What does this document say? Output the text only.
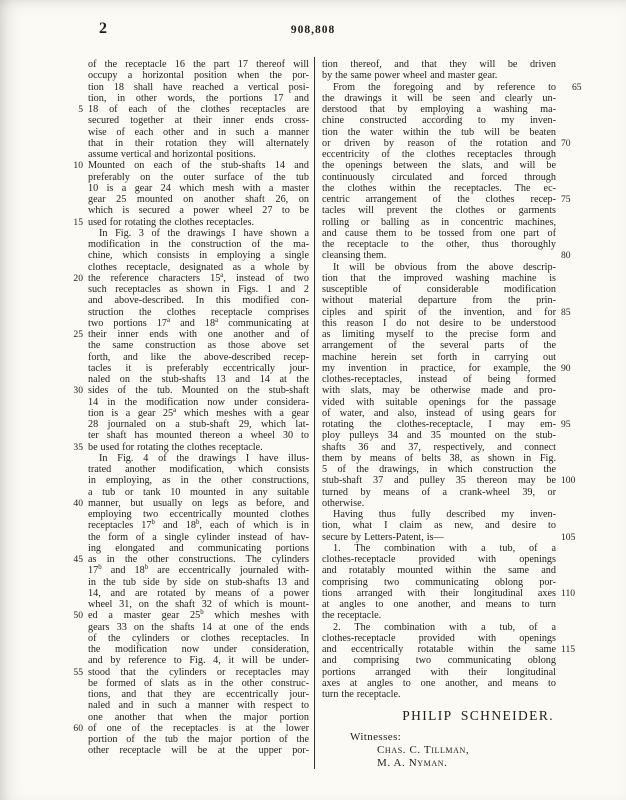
2	908,808
of the receptacle 16 the part 17 thereof will
occupy a horizontal position when the por-
tion 18 shall have reached a vertical posi-
tion, in other words, the portions 17 and
5 18 of each of the clothes receptacles are
secured together at their inner ends cross-
wise of each other and in such a manner
that in their rotation they will alternately
assume vertical and horizontal positions.
10 Mounted on each of the stub-shafts 14 and
preferably on the outer surface of the tub
10 is a gear 24 which mesh with a master
gear 25 mounted on another shaft 26, on
which is secured a power wheel 27 to be
15 used for rotating the clothes receptacles.
In Fig. 3 of the drawings I have shown a
modification in the construction of the ma-
chine, which consists in employing a single
clothes receptacle, designated as a whole by
20 the reference characters 15$^a$, instead of two
such receptacles as shown in Figs. 1 and 2
and above-described. In this modified con-
struction the clothes receptacle comprises
two portions 17$^a$ and 18$^a$ communicating at
25 their inner ends with one another and of
the same construction as those above set
forth, and like the above-described recep-
tacles it is preferably eccentrically jour-
naled on the stub-shafts 13 and 14 at the
30 sides of the tub. Mounted on the stub-shaft
14 in the modification now under considera-
tion is a gear 25$^a$ which meshes with a gear
28 journaled on a stub-shaft 29, which lat-
ter shaft has mounted thereon a wheel 30 to
35 be used for rotating the clothes receptacle.
In Fig. 4 of the drawings I have illus-
trated another modification, which consists
in employing, as in the other constructions,
a tub or tank 10 mounted in any suitable
40 manner, but usually on legs as before, and
employing two eccentrically mounted clothes
receptacles 17$^b$ and 18$^b$, each of which is in
the form of a single cylinder instead of hav-
ing elongated and communicating portions
45 as in the other constructions. The cylinders
17$^b$ and 18$^b$ are eccentrically journaled with-
in the tub side by side on stub-shafts 13 and
14, and are rotated by means of a power
wheel 31, on the shaft 32 of which is mount-
50 ed a master gear 25$^b$ which meshes with
gears 33 on the shafts 14 at one of the ends
of the cylinders or clothes receptacles. In
the modification now under consideration,
and by reference to Fig. 4, it will be under-
55 stood that the cylinders or receptacles may
be formed of slats as in the other construc-
tions, and that they are eccentrically jour-
naled and in such a manner with respect to
one another that when the major portion
60 of one of the receptacles is at the lower
portion of the tub the major portion of the
other receptacle will be at the upper por-
tion thereof, and that they will be driven
by the same power wheel and master gear.
65
From the foregoing and by reference to
the drawings it will be seen and clearly un-
derstood that by employing a washing ma-
chine constructed according to my inven-
tion the water within the tub will be beaten
70
or driven by reason of the rotation and
eccentricity of the clothes receptacles through
the openings between the slats, and will be
continuously circulated and forced through
the clothes within the receptacles. The ec-
75
centric arrangement of the clothes recep-
tacles will prevent the clothes or garments
rolling or balling as in concentric machines,
and cause them to be tossed from one part of
the receptacle to the other, thus thoroughly
80
cleansing them.
It will be obvious from the above descrip-
tion that the improved washing machine is
susceptible of considerable modification
without material departure from the prin-
85
ciples and spirit of the invention, and for
this reason I do not desire to be understood
as limiting myself to the precise form and
arrangement of the several parts of the
machine herein set forth in carrying out
90
my invention in practice, for example, the
clothes-receptacles, instead of being formed
with slats, may be otherwise made and pro-
vided with suitable openings for the passage
of water, and also, instead of using gears for
95
rotating the clothes-receptacle, I may em-
ploy pulleys 34 and 35 mounted on the stub-
shafts 36 and 37, respectively, and connect
them by means of belts 38, as shown in Fig.
5 of the drawings, in which construction the
100
stub-shaft 37 and pulley 35 thereon may be
turned by means of a crank-wheel 39, or
otherwise.
Having thus fully described my inven-
tion, what I claim as new, and desire to
105
secure by Letters-Patent, is—
1. The combination with a tub, of a
clothes-receptacle provided with openings
and rotatably mounted within the same and
comprising two communicating oblong por-
110
tions arranged with their longitudinal axes
at angles to one another, and means to turn
the receptacle.
2. The combination with a tub, of a
clothes-receptacle provided with openings
115
and eccentrically rotatable within the same
and comprising two communicating oblong
portions arranged with their longitudinal
axes at angles to one another, and means to
turn the receptacle.
PHILIP SCHNEIDER.
Witnesses:
Chas. C. Tillman,
M. A. Nyman.
